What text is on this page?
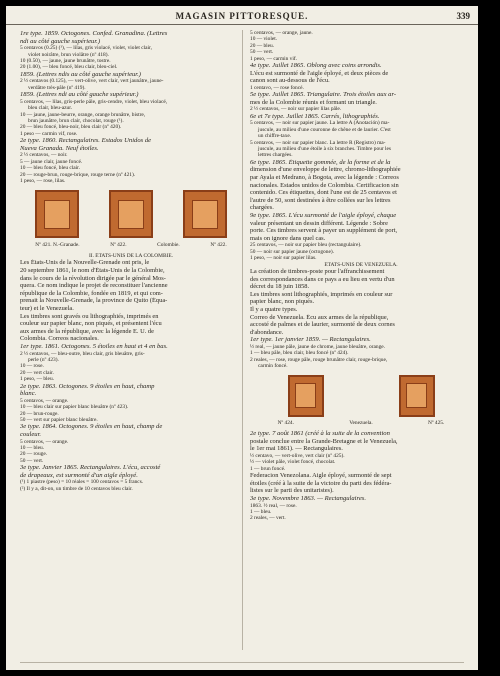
MAGASIN PITTORESQUE.	339
1re type. 1859. Octogones. Confed. Granadina. (Lettres
ndi au côté gauche supérieur.)
5 centavos (0.25) (¹), — lilas, gris violacé, violet, violet clair,
violet noirâtre, brun violâtre (nº 418).
10 (0.50), — jaune, jaune brunâtre, tostre.
20 (1.00), — bleu foncé, bleu clair, bleu-ciel.
1859. (Lettres ndis au côté gauche supérieur.)
2 ½ centavos (0.125), — vert-olive, vert clair, vert jaunâtre, jaune-
verdâtre très-pâle (nº 419).
1859. (Lettres ndi au côté gauche supérieur.)
5 centavos, — lilas, gris-perle pâle, gris-cendre, violet, bleu violacé,
bleu clair, bleu-azur.
10 — jaune, jaune-beurre, orange, orange brunâtre, bistre,
brun jaunâtre, brun clair, chocolat, rouge (¹).
20 — bleu foncé, bleu-noir, bleu clair (nº 420).
1 peso — carmin vif, rose.
2e type. 1860. Rectangulaires. Estados Unidos de
Nueva Granada. Neuf étoiles.
2 ½ centavos, — noir.
5 — jaune clair, jaune foncé.
10 — bleu foncé, bleu clair.
20 — rouge-brun, rouge-brique, rouge terne (nº 421).
1 peso, — rose, lilas.
Nº 421. N.-Granade.	Nº 422.	Colombie.	Nº 422.
II. ÉTATS-UNIS DE LA COLOMBIE.
Les États-Unis de la Nouvelle-Grenade ont pris, le
20 septembre 1861, le nom d'États-Unis de la Colombie,
dans le cours de la révolution dirigée par le général Mos-
quera. Ce nom indique le projet de reconstituer l'ancienne
république de la Colombie, fondée en 1819, et qui com-
prenait la Nouvelle-Grenade, la province de Quito (Équa-
teur) et le Venezuela.
Les timbres sont gravés ou lithographiés, imprimés en
couleur sur papier blanc, non piqués, et présentent l'écu
aux armes de la république, avec la légende E. U. de
Colombia. Correos nacionales.
1er type. 1861. Octogones. 5 étoiles en haut et 4 en bas.
2 ½ centavos, — bleu-outre, bleu clair, gris bleuâtre, gris-
perle (nº 423).
10 — rose.
20 — vert clair.
1 peso, — bleu.
2e type. 1863. Octogones. 9 étoiles en haut, champ
blanc.
5 centavos, — orange.
10 — bleu clair sur papier blanc bleuâtre (nº 423).
20 — brun-rouge.
50 — vert sur papier blanc bleuâtre.
3e type. 1864. Octogones. 9 étoiles en haut, champ de
couleur.
5 centavos, — orange.
10 — bleu.
20 — rouge.
50 — vert.
3e type. Janvier 1865. Rectangulaires. L'écu, accosté
de drapeaux, est surmonté d'un aigle éployé.
(¹) 1 piastre (peso) = 10 réales = 100 centavos = 5 francs.
(²) Il y a, dit-on, un timbre de 10 centavos bleu clair.
5 centavos, — orange, jaune.
10 — violet.
20 — bleu.
50 — vert.
1 peso, — carmin vif.
4e type. Juillet 1865. Oblong avec coins arrondis.
L'écu est surmonté de l'aigle éployé, et deux pièces de
canon sont au-dessous de l'écu.
1 centavo, — rose foncé.
5e type. Juillet 1865. Triangulaire. Trois étoiles aux ar-
mes de la Colombie réunis et formant un triangle.
2 ½ centavos, — noir sur papier lilas pâle.
6e et 7e type. Juillet 1865. Carrés, lithographiés.
5 centavos, — noir sur papier jaune. La lettre A (Anotación) ma-
juscule, au milieu d'une couronne de chêne et de laurier. C'est
un chiffre-taxe.
5 centavos, — noir sur papier blanc. La lettre R (Registro) ma-
juscule, au milieu d'une étoile à six branches. Timbre pour les
lettres chargées.
6e type. 1865. Étiquette gommée, de la forme et de la
dimension d'une enveloppe de lettre, chromo-lithographiée
par Ayala et Medrano, à Bogota, avec la légende : Correos
nacionales. Estados unidos de Colombia. Certificacion sin
contenido. Ces étiquettes, dont l'une est de 25 centavos et
l'autre de 50, sont destinées à être collées sur les lettres
chargées.
9e type. 1865. L'écu surmonté de l'aigle éployé, chaque
valeur présentant un dessin différent. Légende : Sobre
porte. Ces timbres servent à payer un supplément de port,
mais on ignore dans quel cas.
25 centavos, — noir sur papier bleu (rectangulaire).
50 — noir sur papier jaune (octogone).
1 peso, — noir sur papier lilas.
ÉTATS-UNIS DE VENEZUELA.
La création de timbres-poste pour l'affranchissement
des correspondances dans ce pays a eu lieu en vertu d'un
décret du 18 juin 1858.
Les timbres sont lithographiés, imprimés en couleur sur
papier blanc, non piqués.
Il y a quatre types.
Correo de Venezuela. Écu aux armes de la république,
accosté de palmes et de laurier, surmonté de deux cornes
d'abondance.
1er type. 1er janvier 1859. — Rectangulaires.
½ real, — jaune pâle, jaune de chrome, jaune bleuâtre, orange.
1 — bleu pâle, bleu clair, bleu foncé (nº 424).
2 reales, — rose, rouge pâle, rouge brunâtre clair, rouge-brique,
carmin foncé.
Nº 424.	Venezuela.	Nº 425.
2e type. 7 août 1861 (créé à la suite de la convention
postale conclue entre la Grande-Bretagne et le Venezuela,
le 1er mai 1861). — Rectangulaires.
½ centavo, — vert-olive, vert clair (nº 425).
½ — violet pâle, violet foncé, chocolat.
1 — brun foncé.
Federacion Venezolana. Aigle éployé, surmonté de sept
étoiles (créé à la suite de la victoire du parti des fédéra-
listes sur le parti des unitaristes).
3e type. Novembre 1863. — Rectangulaires.
1863. ½ real, — rose.
1 — bleu.
2 reales, — vert.
